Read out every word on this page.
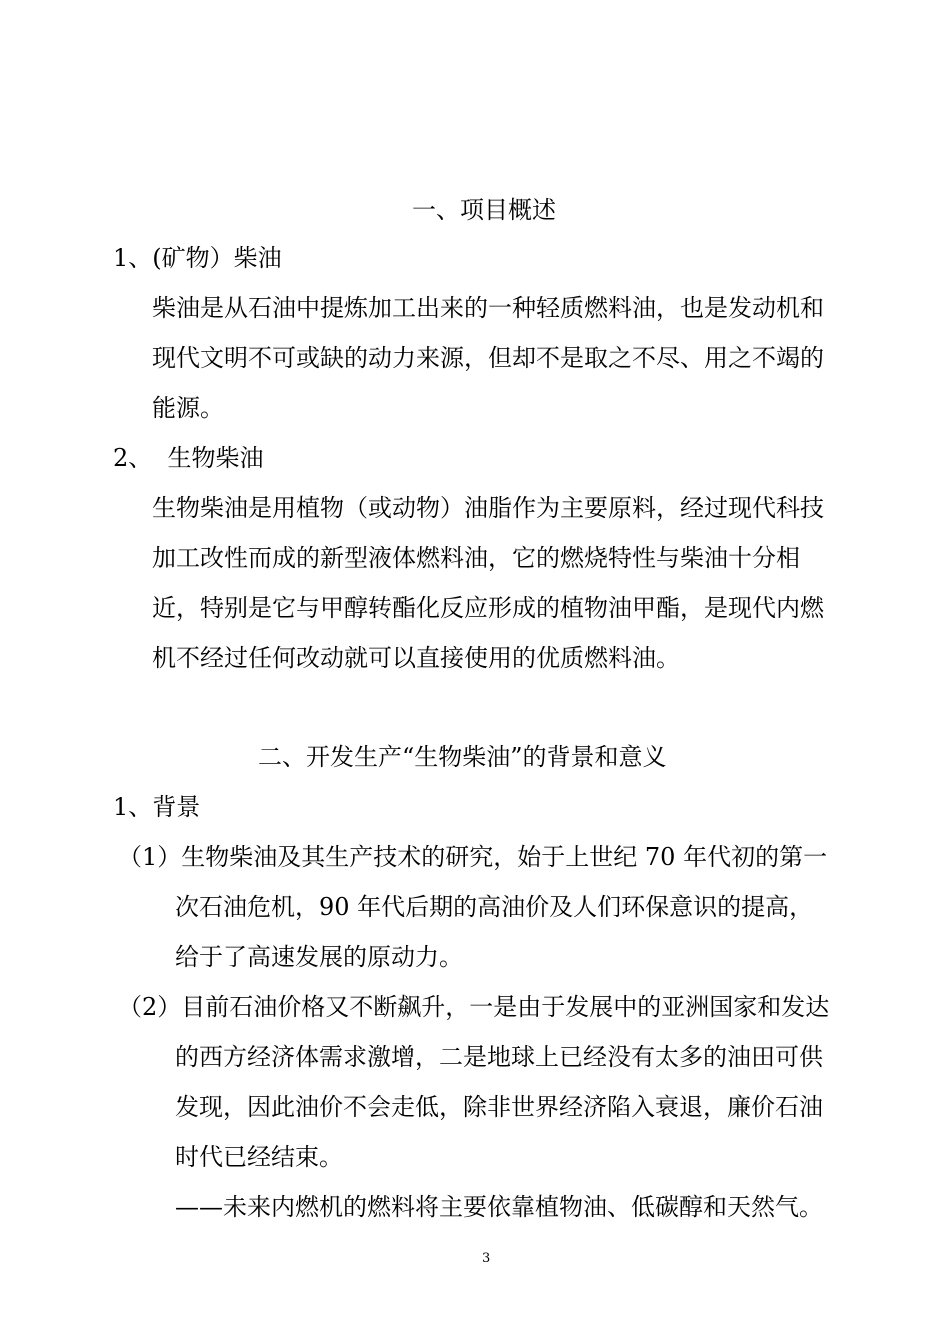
一、项目概述
1、(矿物）柴油
柴油是从石油中提炼加工出来的一种轻质燃料油，也是发动机和
现代文明不可或缺的动力来源，但却不是取之不尽、用之不竭的
能源。
2、  生物柴油
生物柴油是用植物（或动物）油脂作为主要原料，经过现代科技
加工改性而成的新型液体燃料油，它的燃烧特性与柴油十分相
近，特别是它与甲醇转酯化反应形成的植物油甲酯，是现代内燃
机不经过任何改动就可以直接使用的优质燃料油。
二、开发生产“生物柴油”的背景和意义
1、背景
（1）生物柴油及其生产技术的研究，始于上世纪 70 年代初的第一
次石油危机，90 年代后期的高油价及人们环保意识的提高，
给于了高速发展的原动力。
（2）目前石油价格又不断飙升，一是由于发展中的亚洲国家和发达
的西方经济体需求激增，二是地球上已经没有太多的油田可供
发现，因此油价不会走低，除非世界经济陷入衰退，廉价石油
时代已经结束。
——未来内燃机的燃料将主要依靠植物油、低碳醇和天然气。
3
